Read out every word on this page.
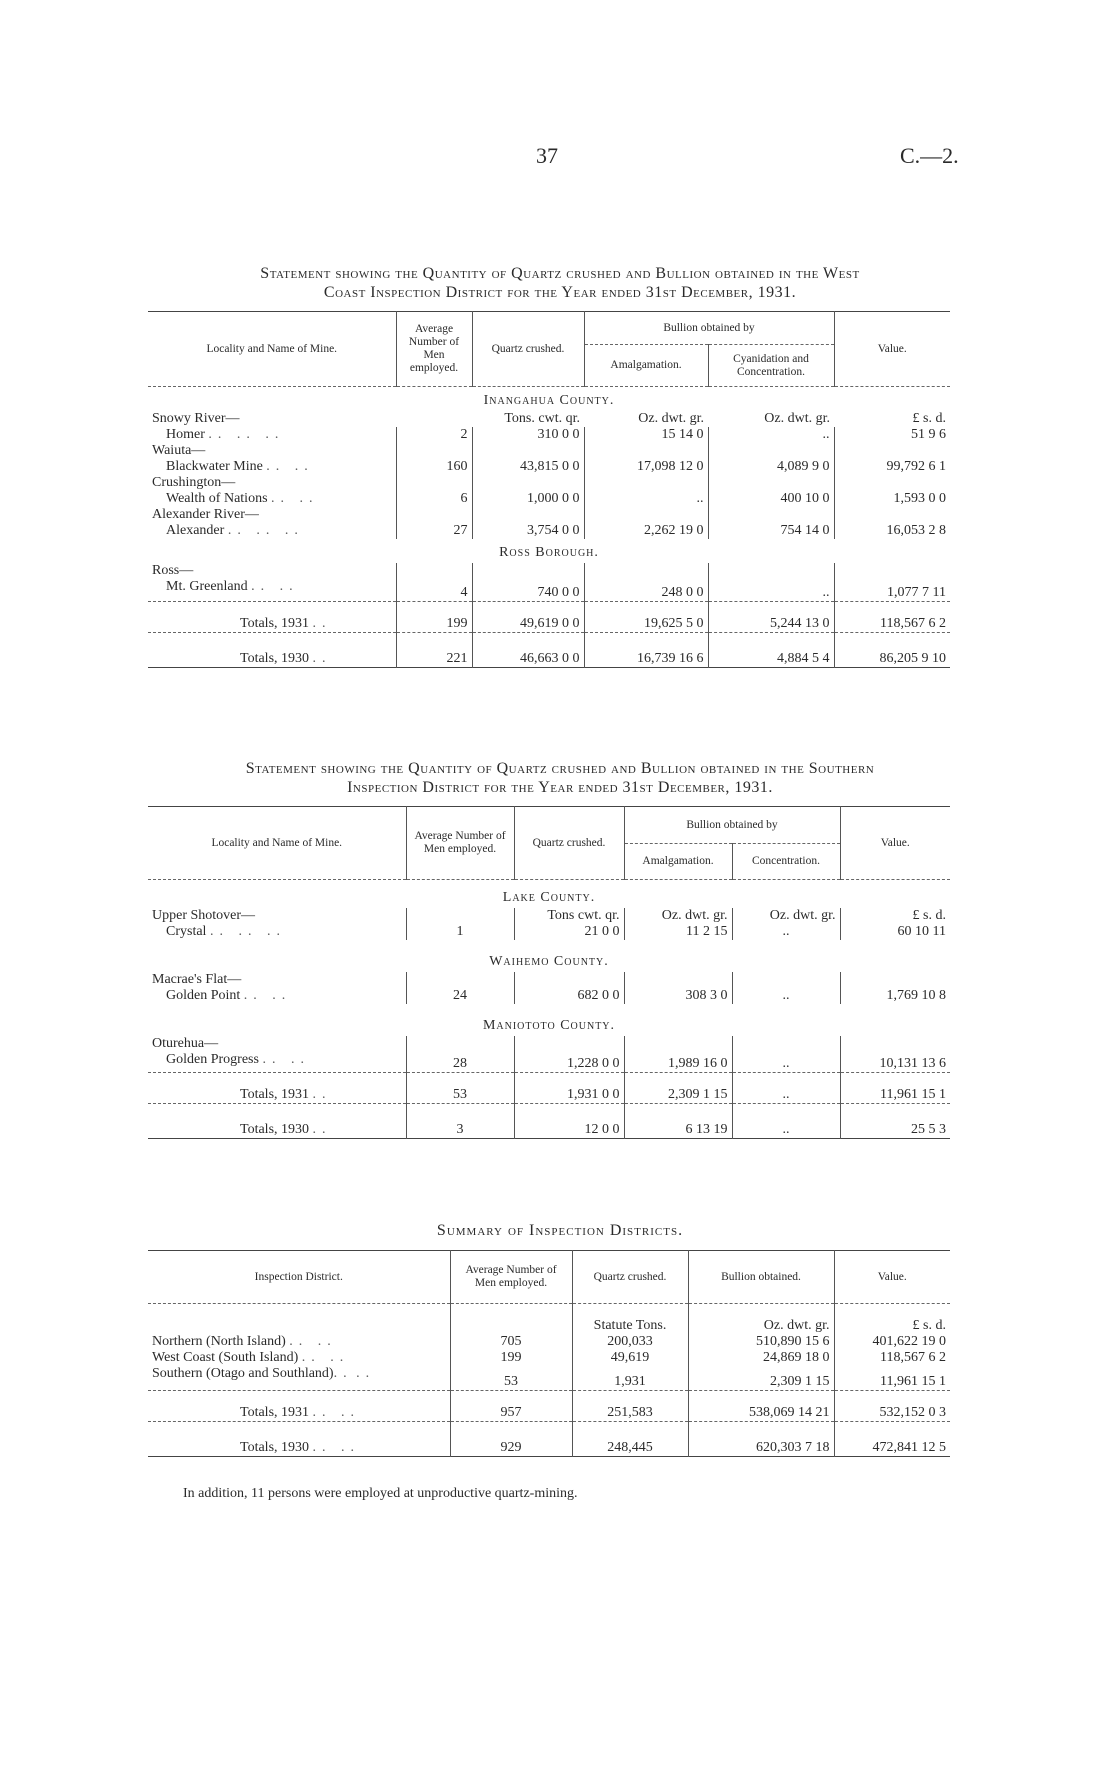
37	C.—2.
Statement showing the Quantity of Quartz crushed and Bullion obtained in the West
Coast Inspection District for the Year ended 31st December, 1931.
Locality and Name of Mine.	Average Number of Men employed.	Quartz crushed.	Bullion obtained by		Value.
			Amalgamation.	Cyanidation and Concentration.	
Inangahua County.					
Snowy River—		Tons. cwt. qr.	Oz. dwt. gr.	Oz. dwt. gr.	£ s. d.
Homer .. .. ..	2	310 0 0	15 14 0	..	51 9 6
Waiuta—					
Blackwater Mine .. ..	160	43,815 0 0	17,098 12 0	4,089 9 0	99,792 6 1
Crushington—					
Wealth of Nations .. ..	6	1,000 0 0	..	400 10 0	1,593 0 0
Alexander River—					
Alexander .. .. ..	27	3,754 0 0	2,262 19 0	754 14 0	16,053 2 8
Ross Borough.					
Ross—					
Mt. Greenland .. ..	4	740 0 0	248 0 0	..	1,077 7 11
Totals, 1931 ..	199	49,619 0 0	19,625 5 0	5,244 13 0	118,567 6 2
Totals, 1930 ..	221	46,663 0 0	16,739 16 6	4,884 5 4	86,205 9 10
Statement showing the Quantity of Quartz crushed and Bullion obtained in the Southern
Inspection District for the Year ended 31st December, 1931.
Locality and Name of Mine.	Average Number of Men employed.	Quartz crushed.	Bullion obtained by		Value.
			Amalgamation.	Concentration.	
Lake County.					
Upper Shotover—		Tons cwt. qr.	Oz. dwt. gr.	Oz. dwt. gr.	£ s. d.
Crystal .. .. ..	1	21 0 0	11 2 15	..	60 10 11
Waihemo County.					
Macrae's Flat—					
Golden Point .. ..	24	682 0 0	308 3 0	..	1,769 10 8
Maniototo County.					
Oturehua—					
Golden Progress .. ..	28	1,228 0 0	1,989 16 0	..	10,131 13 6
Totals, 1931 ..	53	1,931 0 0	2,309 1 15	..	11,961 15 1
Totals, 1930 ..	3	12 0 0	6 13 19	..	25 5 3
Summary of Inspection Districts.
Inspection District.	Average Number of Men employed.	Quartz crushed.	Bullion obtained.	Value.
		Statute Tons.	Oz. dwt. gr.	£ s. d.
Northern (North Island) .. ..	705	200,033	510,890 15 6	401,622 19 0
West Coast (South Island) .. ..	199	49,619	24,869 18 0	118,567 6 2
Southern (Otago and Southland).. ..	53	1,931	2,309 1 15	11,961 15 1
Totals, 1931 .. ..	957	251,583	538,069 14 21	532,152 0 3
Totals, 1930 .. ..	929	248,445	620,303 7 18	472,841 12 5
In addition, 11 persons were employed at unproductive quartz-mining.
